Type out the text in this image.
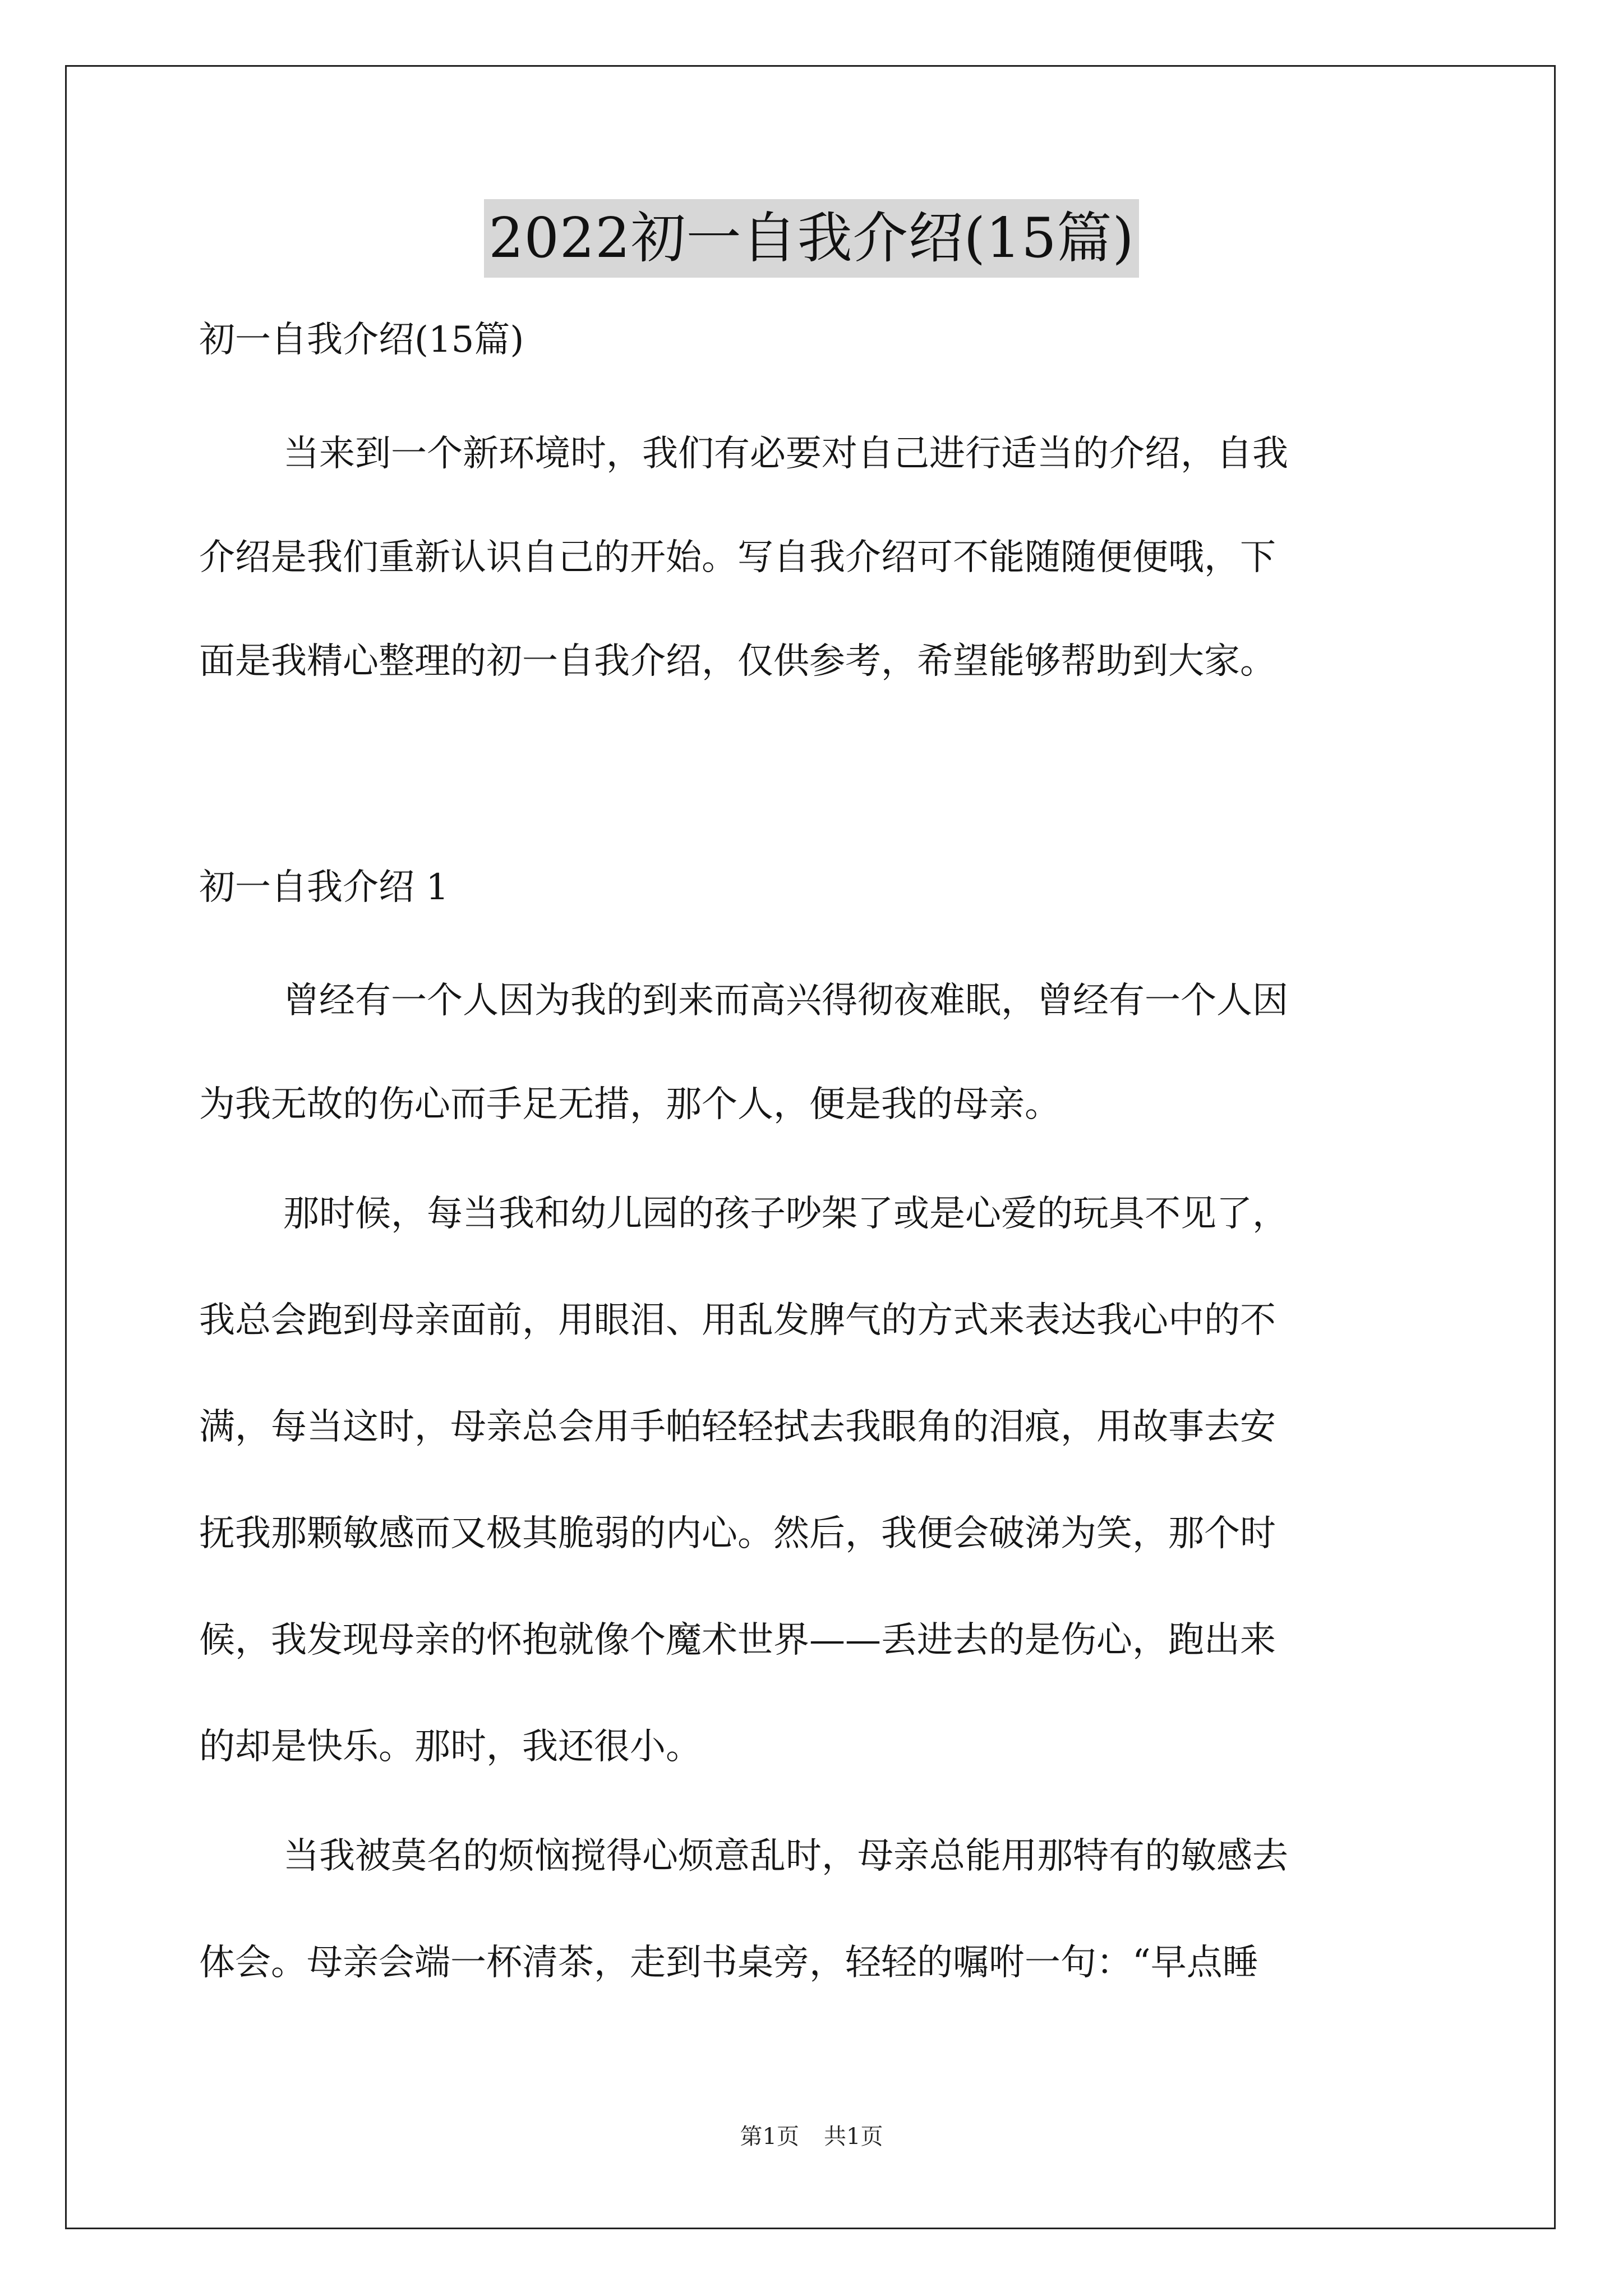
2022初一自我介绍(15篇)
初一自我介绍(15篇)
当来到一个新环境时，我们有必要对自己进行适当的介绍，自我
介绍是我们重新认识自己的开始。写自我介绍可不能随随便便哦，下
面是我精心整理的初一自我介绍，仅供参考，希望能够帮助到大家。
初一自我介绍 1
曾经有一个人因为我的到来而高兴得彻夜难眠，曾经有一个人因
为我无故的伤心而手足无措，那个人，便是我的母亲。
那时候，每当我和幼儿园的孩子吵架了或是心爱的玩具不见了，
我总会跑到母亲面前，用眼泪、用乱发脾气的方式来表达我心中的不
满，每当这时，母亲总会用手帕轻轻拭去我眼角的泪痕，用故事去安
抚我那颗敏感而又极其脆弱的内心。然后，我便会破涕为笑，那个时
候，我发现母亲的怀抱就像个魔术世界——丢进去的是伤心，跑出来
的却是快乐。那时，我还很小。
当我被莫名的烦恼搅得心烦意乱时，母亲总能用那特有的敏感去
体会。母亲会端一杯清茶，走到书桌旁，轻轻的嘱咐一句：“早点睡
第1页 共1页
